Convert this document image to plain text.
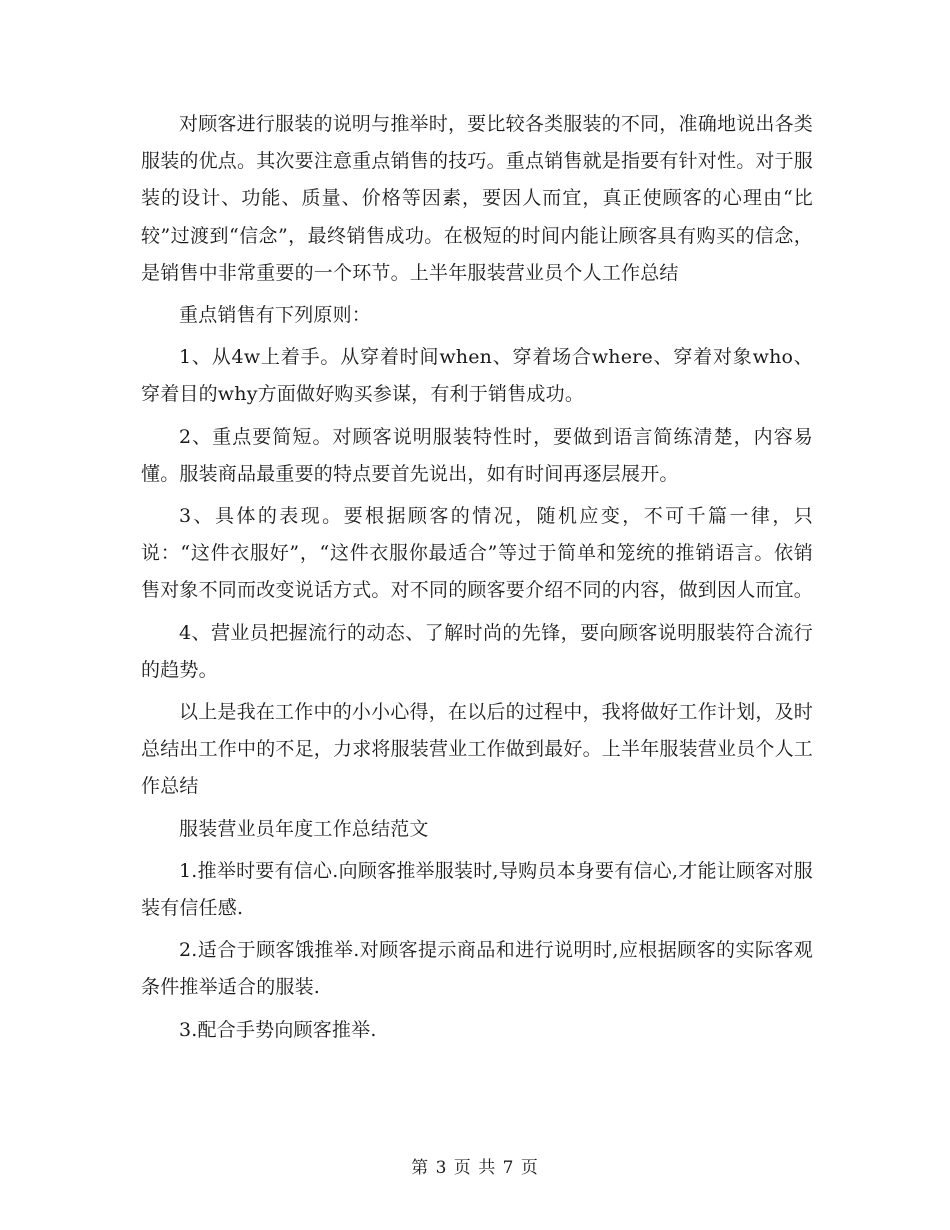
对顾客进行服装的说明与推举时，要比较各类服装的不同，准确地说出各类服装的优点。其次要注意重点销售的技巧。重点销售就是指要有针对性。对于服装的设计、功能、质量、价格等因素，要因人而宜，真正使顾客的心理由“比较”过渡到“信念”，最终销售成功。在极短的时间内能让顾客具有购买的信念，是销售中非常重要的一个环节。上半年服装营业员个人工作总结

重点销售有下列原则：

1、从4w上着手。从穿着时间when、穿着场合where、穿着对象who、穿着目的why方面做好购买参谋，有利于销售成功。

2、重点要简短。对顾客说明服装特性时，要做到语言简练清楚，内容易懂。服装商品最重要的特点要首先说出，如有时间再逐层展开。

3、具体的表现。要根据顾客的情况，随机应变，不可千篇一律，只说：“这件衣服好”，“这件衣服你最适合”等过于简单和笼统的推销语言。依销售对象不同而改变说话方式。对不同的顾客要介绍不同的内容，做到因人而宜。

4、营业员把握流行的动态、了解时尚的先锋，要向顾客说明服装符合流行的趋势。

以上是我在工作中的小小心得，在以后的过程中，我将做好工作计划，及时总结出工作中的不足，力求将服装营业工作做到最好。上半年服装营业员个人工作总结

服装营业员年度工作总结范文

1.推举时要有信心.向顾客推举服装时,导购员本身要有信心,才能让顾客对服装有信任感.

2.适合于顾客饿推举.对顾客提示商品和进行说明时,应根据顾客的实际客观条件推举适合的服装.

3.配合手势向顾客推举.

第 3 页 共 7 页
